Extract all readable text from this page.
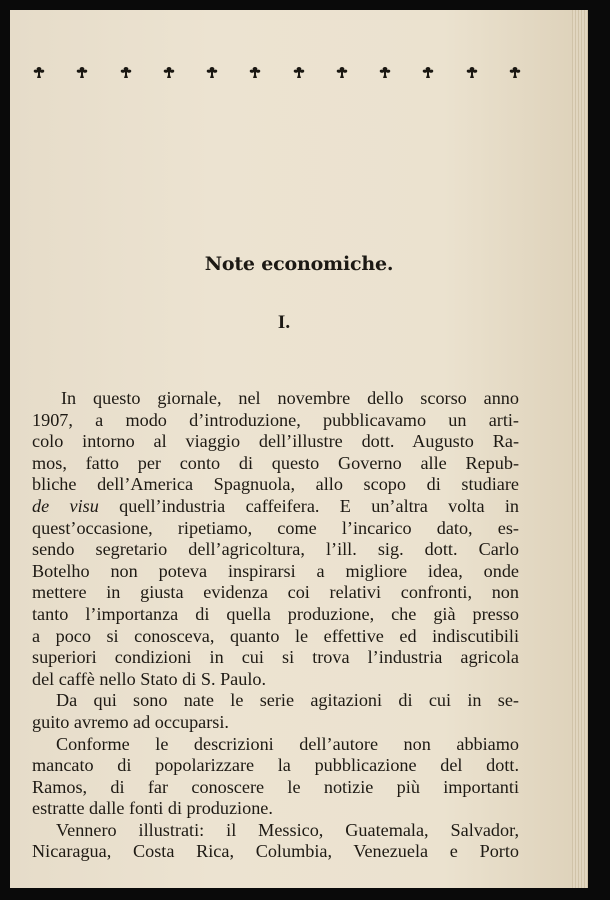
Note economiche.
I.
In questo giornale, nel novembre dello scorso anno
1907, a modo d’introduzione, pubblicavamo un arti-
colo intorno al viaggio dell’illustre dott. Augusto Ra-
mos, fatto per conto di questo Governo alle Repub-
bliche dell’America Spagnuola, allo scopo di studiare
de visu quell’industria caffeifera. E un’altra volta in
quest’occasione, ripetiamo, come l’incarico dato, es-
sendo segretario dell’agricoltura, l’ill. sig. dott. Carlo
Botelho non poteva inspirarsi a migliore idea, onde
mettere in giusta evidenza coi relativi confronti, non
tanto l’importanza di quella produzione, che già presso
a poco si conosceva, quanto le effettive ed indiscutibili
superiori condizioni in cui si trova l’industria agricola
del caffè nello Stato di S. Paulo.
Da qui sono nate le serie agitazioni di cui in se-
guito avremo ad occuparsi.
Conforme le descrizioni dell’autore non abbiamo
mancato di popolarizzare la pubblicazione del dott.
Ramos, di far conoscere le notizie più importanti
estratte dalle fonti di produzione.
Vennero illustrati: il Messico, Guatemala, Salvador,
Nicaragua, Costa Rica, Columbia, Venezuela e Porto
